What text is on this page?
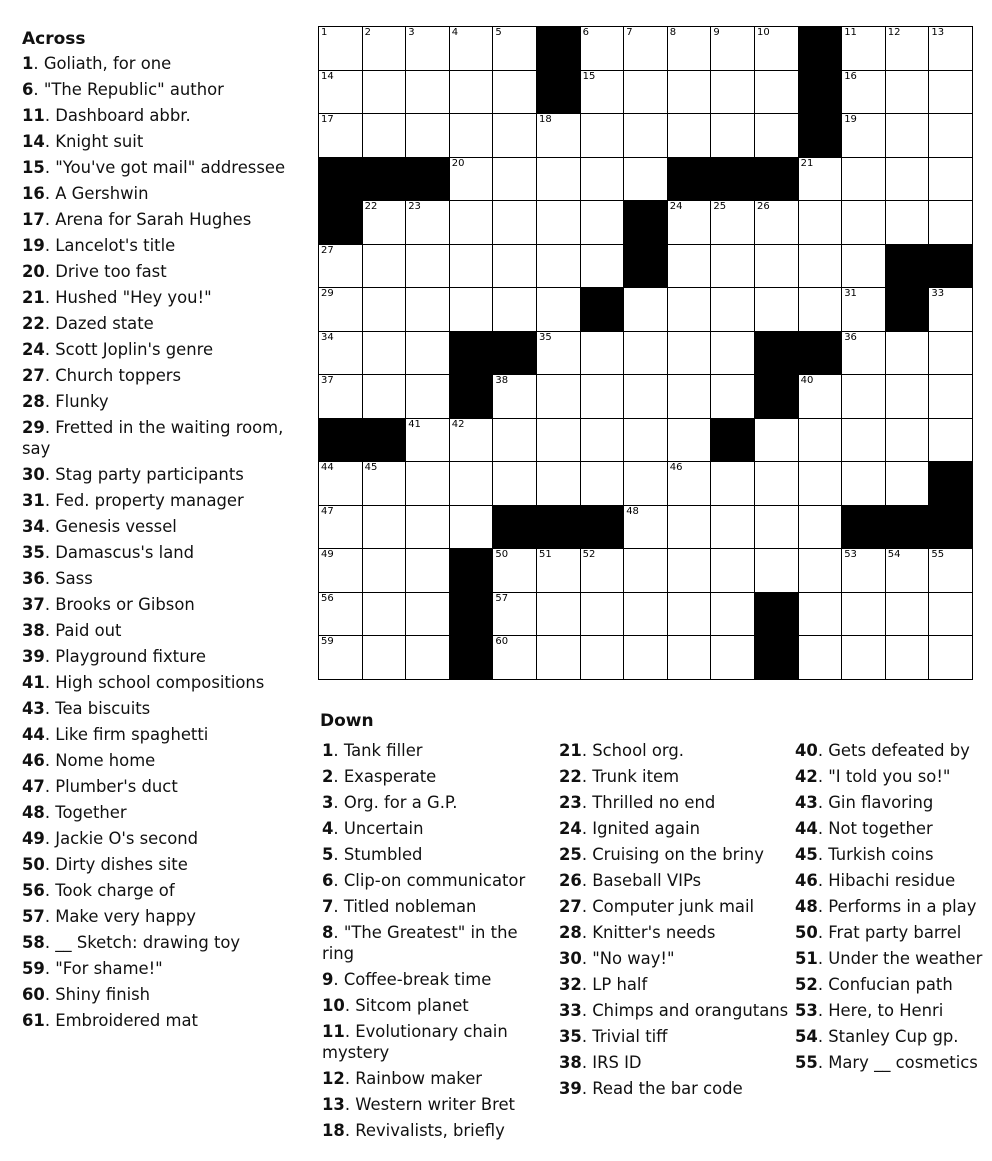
1	2	3	4	5	6	7	8	9	10	11	12	13
14	15	16
17	18	19
20	21
22	23	24	25	26
27
29	31	33
34	35	36
37	38	40
41	42
44	45	46
47	48
49	50	51	52	53	54	55
56	57
59	60
Across
1. Goliath, for one
6. "The Republic" author
11. Dashboard abbr.
14. Knight suit
15. "You've got mail" addressee
16. A Gershwin
17. Arena for Sarah Hughes
19. Lancelot's title
20. Drive too fast
21. Hushed "Hey you!"
22. Dazed state
24. Scott Joplin's genre
27. Church toppers
28. Flunky
29. Fretted in the waiting room, say
30. Stag party participants
31. Fed. property manager
34. Genesis vessel
35. Damascus's land
36. Sass
37. Brooks or Gibson
38. Paid out
39. Playground fixture
41. High school compositions
43. Tea biscuits
44. Like firm spaghetti
46. Nome home
47. Plumber's duct
48. Together
49. Jackie O's second
50. Dirty dishes site
56. Took charge of
57. Make very happy
58. __ Sketch: drawing toy
59. "For shame!"
60. Shiny finish
61. Embroidered mat
Down
1. Tank filler
2. Exasperate
3. Org. for a G.P.
4. Uncertain
5. Stumbled
6. Clip-on communicator
7. Titled nobleman
8. "The Greatest" in the ring
9. Coffee-break time
10. Sitcom planet
11. Evolutionary chain mystery
12. Rainbow maker
13. Western writer Bret
18. Revivalists, briefly
21. School org.
22. Trunk item
23. Thrilled no end
24. Ignited again
25. Cruising on the briny
26. Baseball VIPs
27. Computer junk mail
28. Knitter's needs
30. "No way!"
32. LP half
33. Chimps and orangutans
35. Trivial tiff
38. IRS ID
39. Read the bar code
40. Gets defeated by
42. "I told you so!"
43. Gin flavoring
44. Not together
45. Turkish coins
46. Hibachi residue
48. Performs in a play
50. Frat party barrel
51. Under the weather
52. Confucian path
53. Here, to Henri
54. Stanley Cup gp.
55. Mary __ cosmetics
